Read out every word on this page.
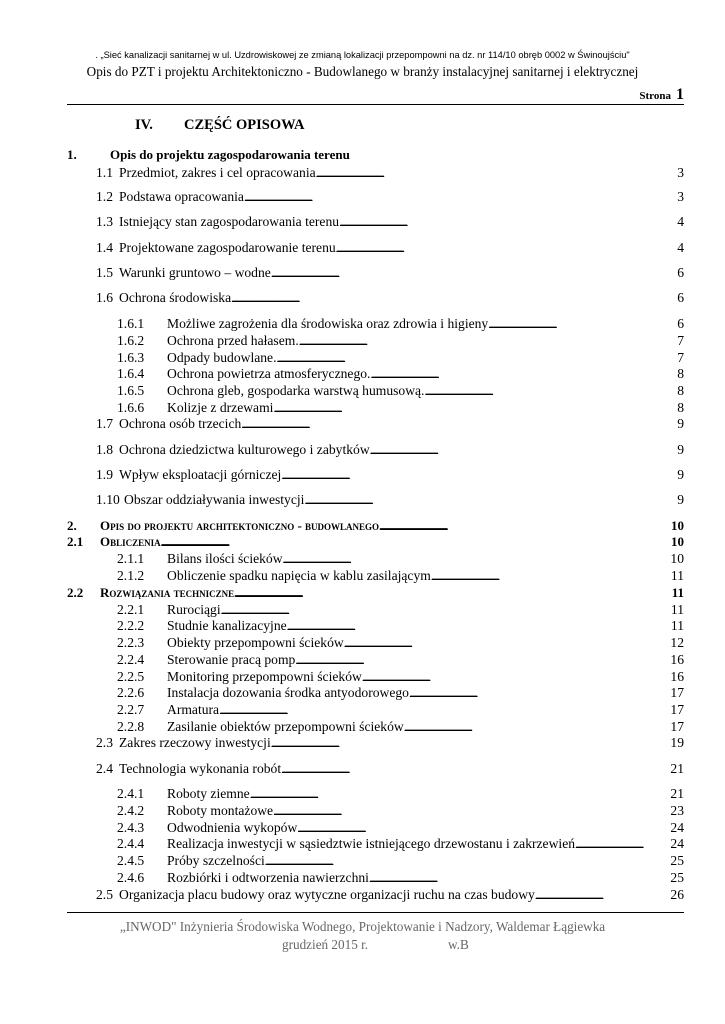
. „Sieć kanalizacji sanitarnej w ul. Uzdrowiskowej ze zmianą lokalizacji przepompowni na dz. nr 114/10 obręb 0002 w Świnoujściu"
Opis do PZT i projektu Architektoniczno - Budowlanego w branży instalacyjnej sanitarnej i elektrycznej
Strona 1
IV. CZĘŚĆ OPISOWA
1.	Opis do projektu zagospodarowania terenu
1.1 Przedmiot, zakres i cel opracowania . . .	3
1.2 Podstawa opracowania . . .	3
1.3 Istniejący stan zagospodarowania terenu . . .	4
1.4 Projektowane zagospodarowanie terenu . . .	4
1.5 Warunki gruntowo – wodne . . .	6
1.6 Ochrona środowiska . . .	6
1.6.1	Możliwe zagrożenia dla środowiska oraz zdrowia i higieny . . .	6
1.6.2	Ochrona przed hałasem. . . .	7
1.6.3	Odpady budowlane. . . .	7
1.6.4	Ochrona powietrza atmosferycznego. . . .	8
1.6.5	Ochrona gleb, gospodarka warstwą humusową. . . .	8
1.6.6	Kolizje z drzewami . . .	8
1.7 Ochrona osób trzecich . . .	9
1.8 Ochrona dziedzictwa kulturowego i zabytków . . .	9
1.9 Wpływ eksploatacji górniczej . . .	9
1.10 Obszar oddziaływania inwestycji . . .	9
2.	Opis do projektu architektoniczno - budowlanego . . .	10
2.1	Obliczenia . . .	10
2.1.1	Bilans ilości ścieków . . .	10
2.1.2	Obliczenie spadku napięcia w kablu zasilającym . . .	11
2.2	Rozwiązania techniczne . . .	11
2.2.1	Rurociągi . . .	11
2.2.2	Studnie kanalizacyjne . . .	11
2.2.3	Obiekty przepompowni ścieków . . .	12
2.2.4	Sterowanie pracą pomp . . .	16
2.2.5	Monitoring przepompowni ścieków . . .	16
2.2.6	Instalacja dozowania środka antyodorowego . . .	17
2.2.7	Armatura . . .	17
2.2.8	Zasilanie obiektów przepompowni ścieków . . .	17
2.3 Zakres rzeczowy inwestycji . . .	19
2.4 Technologia wykonania robót . . .	21
2.4.1	Roboty ziemne . . .	21
2.4.2	Roboty montażowe . . .	23
2.4.3	Odwodnienia wykopów . . .	24
2.4.4	Realizacja inwestycji w sąsiedztwie istniejącego drzewostanu i zakrzewień . . .	24
2.4.5	Próby szczelności . . .	25
2.4.6	Rozbiórki i odtworzenia nawierzchni . . .	25
2.5 Organizacja placu budowy oraz wytyczne organizacji ruchu na czas budowy . . .	26
„INWOD" Inżynieria Środowiska Wodnego, Projektowanie i Nadzory, Waldemar Łągiewka
grudzień 2015 r.	w.B
